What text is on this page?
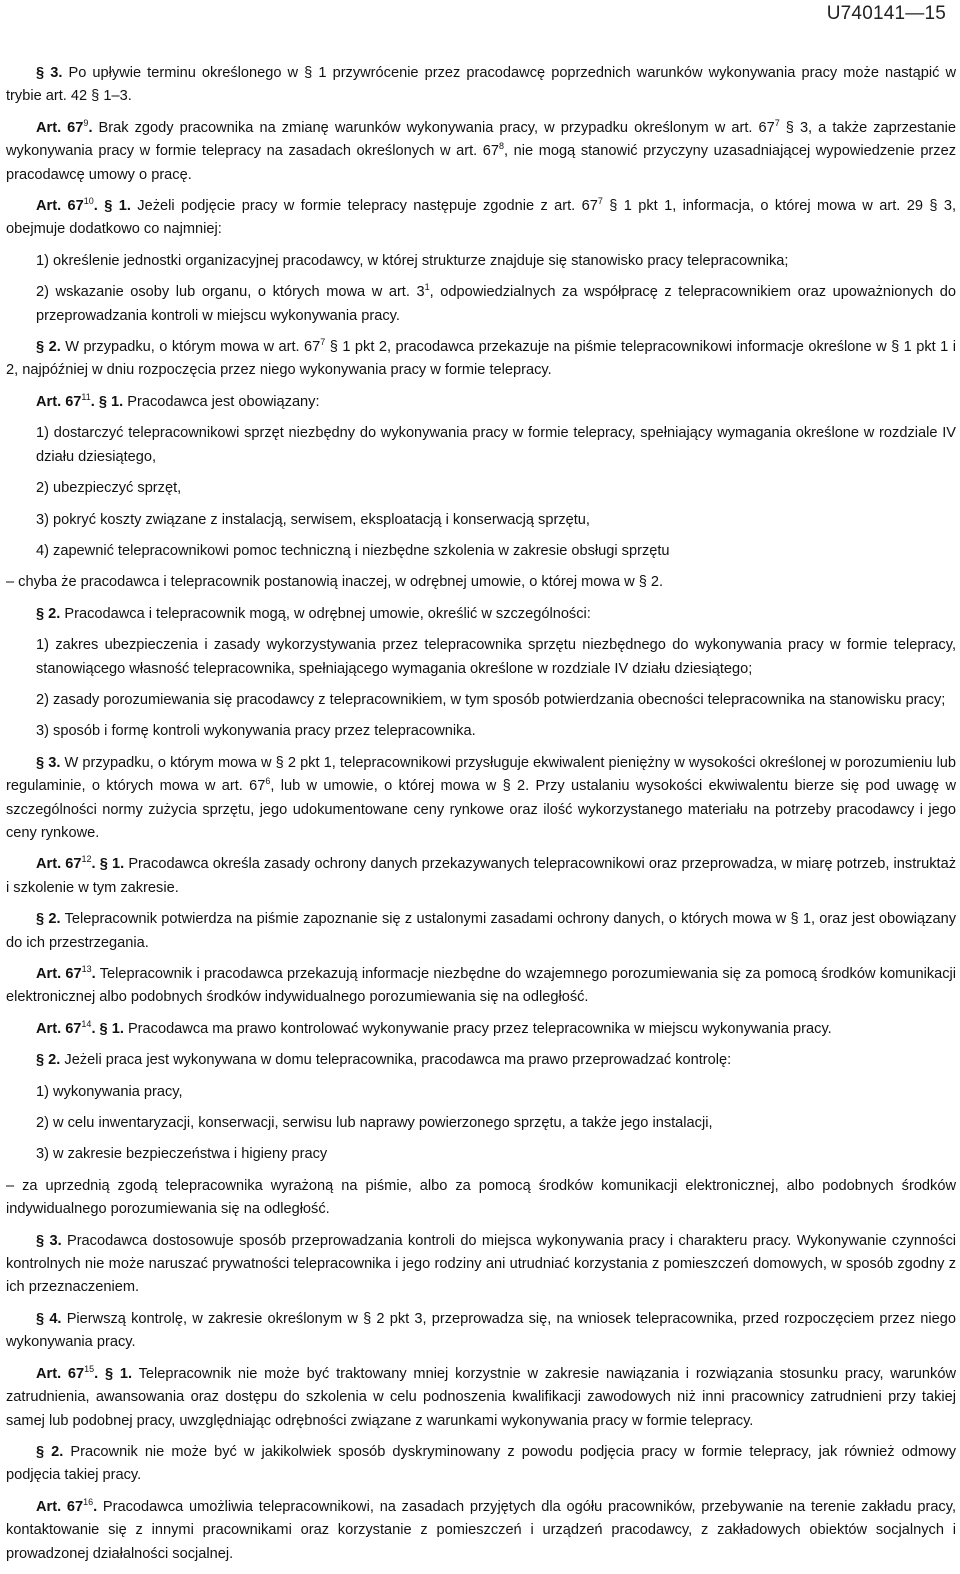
U740141—15

§ 3. Po upływie terminu określonego w § 1 przywrócenie przez pracodawcę poprzednich warunków wykonywania pracy może nastąpić w trybie art. 42 § 1–3.

Art. $67^9$. Brak zgody pracownika na zmianę warunków wykonywania pracy, w przypadku określonym w art. $67^7$ § 3, a także zaprzestanie wykonywania pracy w formie telepracy na zasadach określonych w art. $67^8$, nie mogą stanowić przyczyny uzasadniającej wypowiedzenie przez pracodawcę umowy o pracę.

Art. $67^{10}$. § 1. Jeżeli podjęcie pracy w formie telepracy następuje zgodnie z art. $67^7$ § 1 pkt 1, informacja, o której mowa w art. 29 § 3, obejmuje dodatkowo co najmniej:

1) określenie jednostki organizacyjnej pracodawcy, w której strukturze znajduje się stanowisko pracy telepracownika;

2) wskazanie osoby lub organu, o których mowa w art. $3^1$, odpowiedzialnych za współpracę z telepracownikiem oraz upoważnionych do przeprowadzania kontroli w miejscu wykonywania pracy.

§ 2. W przypadku, o którym mowa w art. $67^7$ § 1 pkt 2, pracodawca przekazuje na piśmie telepracownikowi informacje określone w § 1 pkt 1 i 2, najpóźniej w dniu rozpoczęcia przez niego wykonywania pracy w formie telepracy.

Art. $67^{11}$. § 1. Pracodawca jest obowiązany:

1) dostarczyć telepracownikowi sprzęt niezbędny do wykonywania pracy w formie telepracy, spełniający wymagania określone w rozdziale IV działu dziesiątego,

2) ubezpieczyć sprzęt,

3) pokryć koszty związane z instalacją, serwisem, eksploatacją i konserwacją sprzętu,

4) zapewnić telepracownikowi pomoc techniczną i niezbędne szkolenia w zakresie obsługi sprzętu

– chyba że pracodawca i telepracownik postanowią inaczej, w odrębnej umowie, o której mowa w § 2.

§ 2. Pracodawca i telepracownik mogą, w odrębnej umowie, określić w szczególności:

1) zakres ubezpieczenia i zasady wykorzystywania przez telepracownika sprzętu niezbędnego do wykonywania pracy w formie telepracy, stanowiącego własność telepracownika, spełniającego wymagania określone w rozdziale IV działu dziesiątego;

2) zasady porozumiewania się pracodawcy z telepracownikiem, w tym sposób potwierdzania obecności telepracownika na stanowisku pracy;

3) sposób i formę kontroli wykonywania pracy przez telepracownika.

§ 3. W przypadku, o którym mowa w § 2 pkt 1, telepracownikowi przysługuje ekwiwalent pieniężny w wysokości określonej w porozumieniu lub regulaminie, o których mowa w art. $67^6$, lub w umowie, o której mowa w § 2. Przy ustalaniu wysokości ekwiwalentu bierze się pod uwagę w szczególności normy zużycia sprzętu, jego udokumentowane ceny rynkowe oraz ilość wykorzystanego materiału na potrzeby pracodawcy i jego ceny rynkowe.

Art. $67^{12}$. § 1. Pracodawca określa zasady ochrony danych przekazywanych telepracownikowi oraz przeprowadza, w miarę potrzeb, instruktaż i szkolenie w tym zakresie.

§ 2. Telepracownik potwierdza na piśmie zapoznanie się z ustalonymi zasadami ochrony danych, o których mowa w § 1, oraz jest obowiązany do ich przestrzegania.

Art. $67^{13}$. Telepracownik i pracodawca przekazują informacje niezbędne do wzajemnego porozumiewania się za pomocą środków komunikacji elektronicznej albo podobnych środków indywidualnego porozumiewania się na odległość.

Art. $67^{14}$. § 1. Pracodawca ma prawo kontrolować wykonywanie pracy przez telepracownika w miejscu wykonywania pracy.

§ 2. Jeżeli praca jest wykonywana w domu telepracownika, pracodawca ma prawo przeprowadzać kontrolę:

1) wykonywania pracy,

2) w celu inwentaryzacji, konserwacji, serwisu lub naprawy powierzonego sprzętu, a także jego instalacji,

3) w zakresie bezpieczeństwa i higieny pracy

– za uprzednią zgodą telepracownika wyrażoną na piśmie, albo za pomocą środków komunikacji elektronicznej, albo podobnych środków indywidualnego porozumiewania się na odległość.

§ 3. Pracodawca dostosowuje sposób przeprowadzania kontroli do miejsca wykonywania pracy i charakteru pracy. Wykonywanie czynności kontrolnych nie może naruszać prywatności telepracownika i jego rodziny ani utrudniać korzystania z pomieszczeń domowych, w sposób zgodny z ich przeznaczeniem.

§ 4. Pierwszą kontrolę, w zakresie określonym w § 2 pkt 3, przeprowadza się, na wniosek telepracownika, przed rozpoczęciem przez niego wykonywania pracy.

Art. $67^{15}$. § 1. Telepracownik nie może być traktowany mniej korzystnie w zakresie nawiązania i rozwiązania stosunku pracy, warunków zatrudnienia, awansowania oraz dostępu do szkolenia w celu podnoszenia kwalifikacji zawodowych niż inni pracownicy zatrudnieni przy takiej samej lub podobnej pracy, uwzględniając odrębności związane z warunkami wykonywania pracy w formie telepracy.

§ 2. Pracownik nie może być w jakikolwiek sposób dyskryminowany z powodu podjęcia pracy w formie telepracy, jak również odmowy podjęcia takiej pracy.

Art. $67^{16}$. Pracodawca umożliwia telepracownikowi, na zasadach przyjętych dla ogółu pracowników, przebywanie na terenie zakładu pracy, kontaktowanie się z innymi pracownikami oraz korzystanie z pomieszczeń i urządzeń pracodawcy, z zakładowych obiektów socjalnych i prowadzonej działalności socjalnej.
